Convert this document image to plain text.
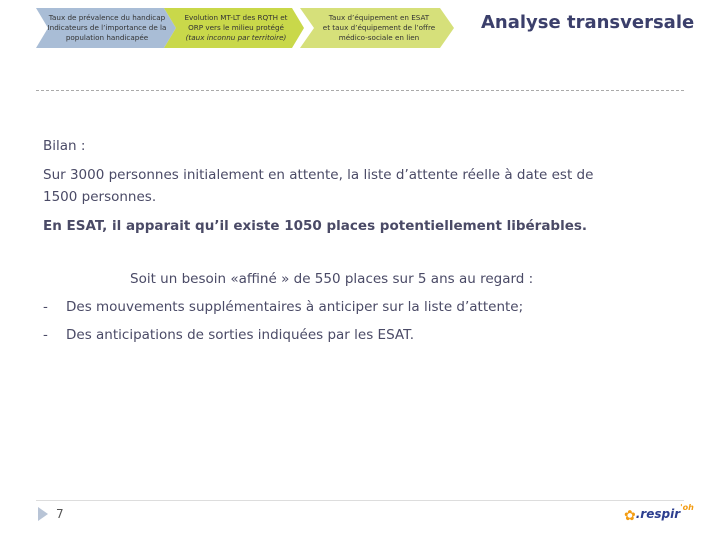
Taux de prévalence du handicap
Indicateurs de l’importance de la
population handicapée
Evolution MT-LT des RQTH et
ORP vers le milieu protégé
(taux inconnu par territoire)
Taux d’équipement en ESAT
et taux d’équipement de l’offre
médico-sociale en lien
Analyse transversale
Bilan :
Sur 3000 personnes initialement en attente, la liste d’attente réelle à date est de
1500 personnes.
En ESAT, il apparait qu’il existe 1050 places potentiellement libérables.
Soit un besoin «affiné » de 550 places sur 5 ans au regard :
- Des mouvements supplémentaires à anticiper sur la liste d’attente;
- Des anticipations de sorties indiquées par les ESAT.
7	✿ .respir 'oh
